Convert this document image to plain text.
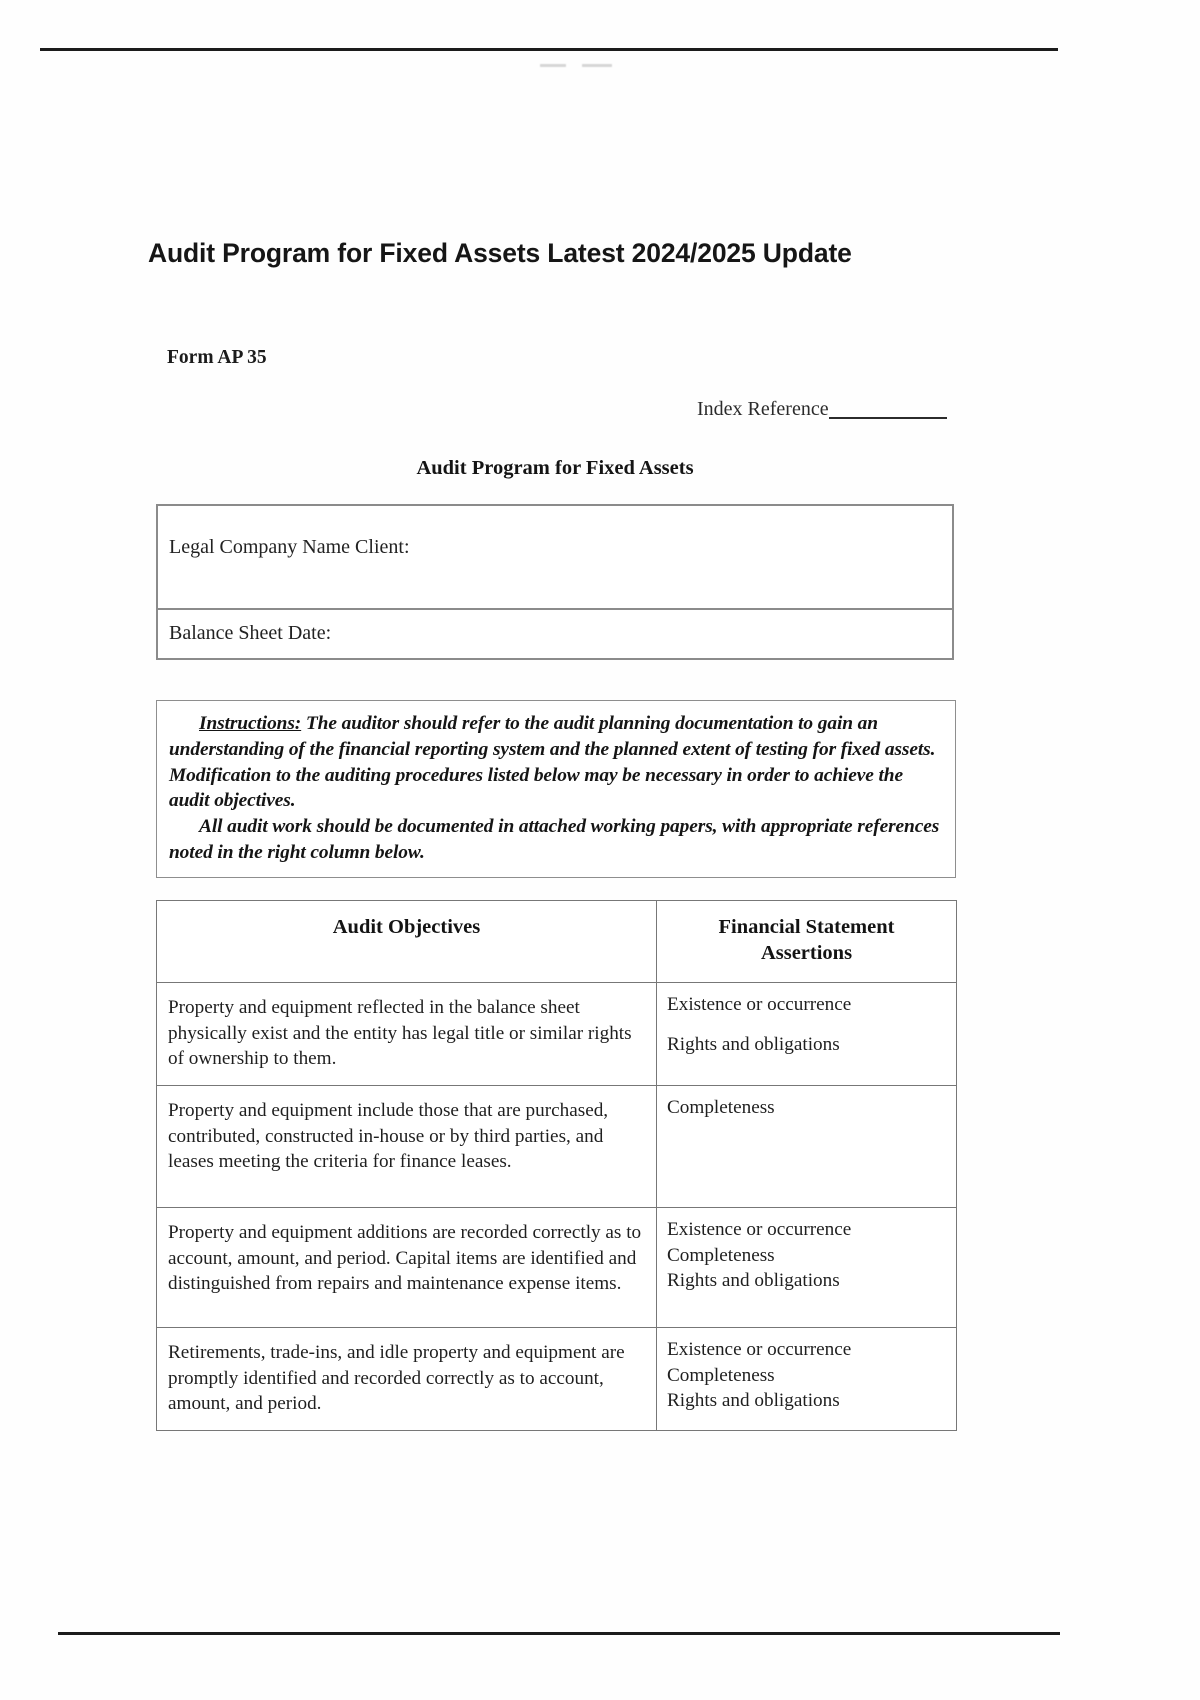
Audit Program for Fixed Assets Latest 2024/2025 Update
Form AP 35
Index Reference
Audit Program for Fixed Assets
Legal Company Name Client:
Balance Sheet Date:

Instructions: The auditor should refer to the audit planning documentation to gain an understanding of the financial reporting system and the planned extent of testing for fixed assets. Modification to the auditing procedures listed below may be necessary in order to achieve the audit objectives.

All audit work should be documented in attached working papers, with appropriate references noted in the right column below.

Audit Objectives	Financial Statement
Assertions
Property and equipment reflected in the balance sheet physically exist and the entity has legal title or similar rights of ownership to them.	Existence or occurrence
Rights and obligations

Property and equipment include those that are purchased, contributed, constructed in-house or by third parties, and leases meeting the criteria for finance leases.	Completeness

Property and equipment additions are recorded correctly as to account, amount, and period. Capital items are identified and distinguished from repairs and maintenance expense items.	Existence or occurrence
Completeness
Rights and obligations

Retirements, trade-ins, and idle property and equipment are promptly identified and recorded correctly as to account, amount, and period.	Existence or occurrence
Completeness
Rights and obligations
